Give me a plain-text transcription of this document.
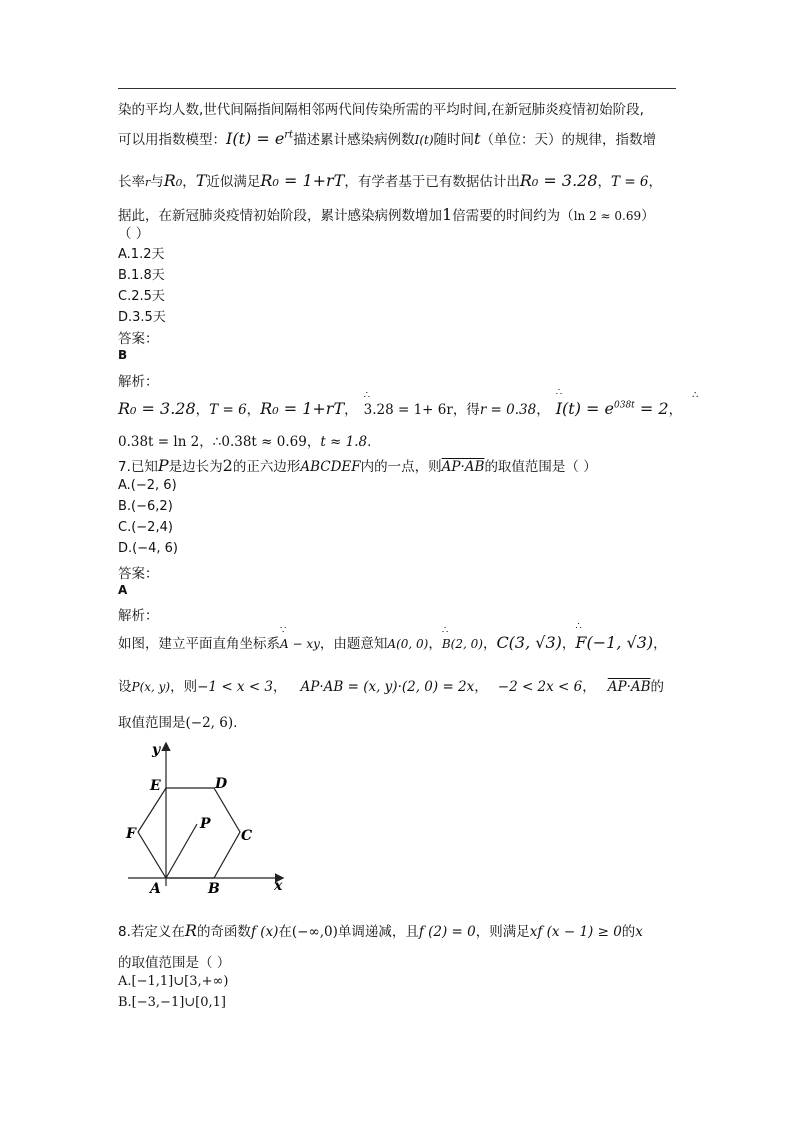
染的平均人数,世代间隔指间隔相邻两代间传染所需的平均时间,在新冠肺炎疫情初始阶段,
可以用指数模型：$I(t) = e^{rt}$描述累计感染病例数I(t)随时间t（单位：天）的规律，指数增
长率r与R₀，T近似满足R₀ = 1+rT，有学者基于已有数据估计出R₀ = 3.28，T = 6，
据此，在新冠肺炎疫情初始阶段，累计感染病例数增加1倍需要的时间约为（ln 2 ≈ 0.69）
（ ）
A.1.2天
B.1.8天
C.2.5天
D.3.5天
答案：
B
解析：
R₀ = 3.28，T = 6，R₀ = 1+rT， ∴ 3.28 = 1+ 6r，得r = 0.38， ∴ $I(t) = e^{038t} = 2$，
0.38t = ln 2，∴0.38t ≈ 0.69，t ≈ 1.8.
7.已知P是边长为2的正六边形ABCDEF内的一点，则AP·AB的取值范围是（ ）
A.(−2, 6)
B.(−6,2)
C.(−2,4)
D.(−4, 6)
答案：
A
解析：
如图，建立平面直角坐标系∵ A − xy，由题意知A(0, 0)，∴ B(2, 0)，C(3, √3)，∴ F(−1, √3)，
设P(x, y)，则−1 < x < 3， AP·AB = (x, y)·(2, 0) = 2x， −2 < 2x < 6， AP·AB的
取值范围是(−2, 6).
y
x
E	D
F
P
C
A	B
8.若定义在R的奇函数f (x)在(−∞,0)单调递减，且f (2) = 0，则满足xf (x − 1) ≥ 0的x
的取值范围是（ ）
A.[−1,1]∪[3,+∞)
B.[−3,−1]∪[0,1]
